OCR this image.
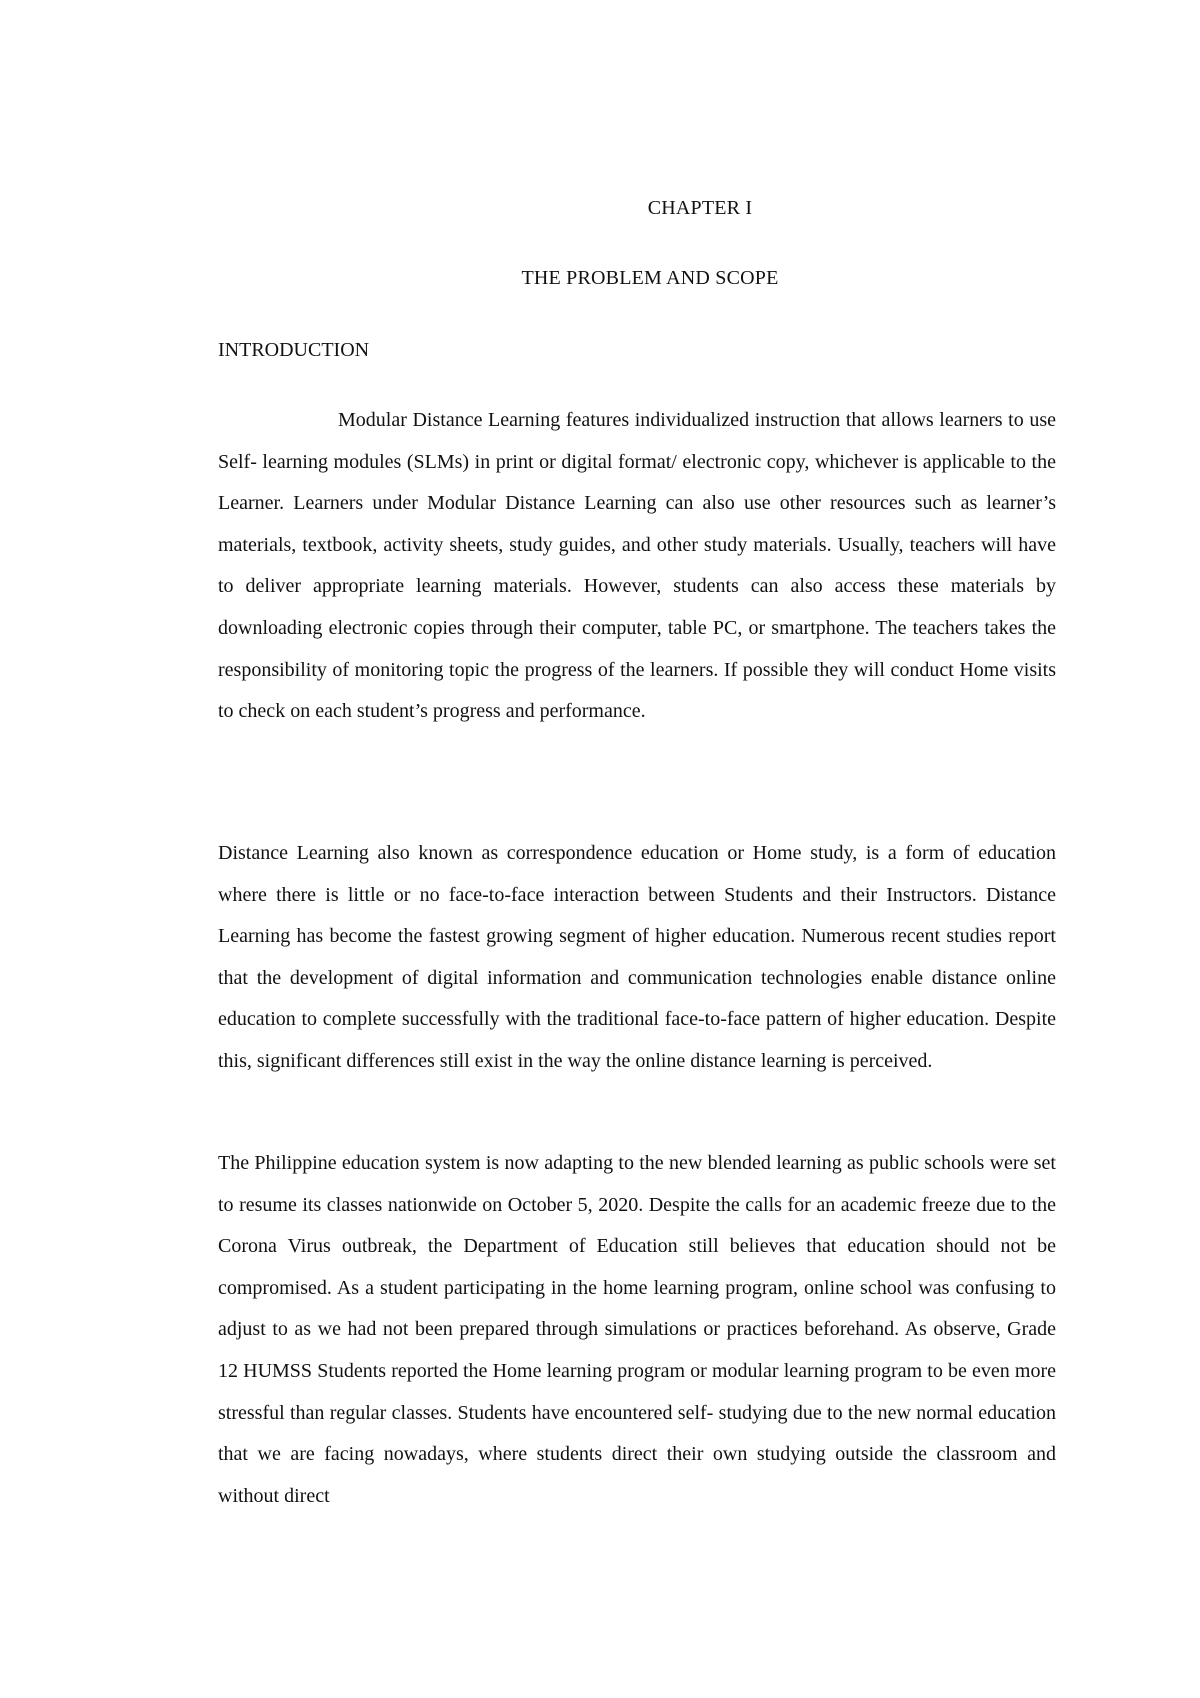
CHAPTER I
THE PROBLEM AND SCOPE
INTRODUCTION

Modular Distance Learning features individualized instruction that allows learners to use Self- learning modules (SLMs) in print or digital format/ electronic copy, whichever is applicable to the Learner. Learners under Modular Distance Learning can also use other resources such as learner’s materials, textbook, activity sheets, study guides, and other study materials. Usually, teachers will have to deliver appropriate learning materials. However, students can also access these materials by downloading electronic copies through their computer, table PC, or smartphone. The teachers takes the responsibility of monitoring topic the progress of the learners. If possible they will conduct Home visits to check on each student’s progress and performance.

Distance Learning also known as correspondence education or Home study, is a form of education where there is little or no face-to-face interaction between Students and their Instructors. Distance Learning has become the fastest growing segment of higher education. Numerous recent studies report that the development of digital information and communication technologies enable distance online education to complete successfully with the traditional face-to-face pattern of higher education. Despite this, significant differences still exist in the way the online distance learning is perceived.

The Philippine education system is now adapting to the new blended learning as public schools were set to resume its classes nationwide on October 5, 2020. Despite the calls for an academic freeze due to the Corona Virus outbreak, the Department of Education still believes that education should not be compromised. As a student participating in the home learning program, online school was confusing to adjust to as we had not been prepared through simulations or practices beforehand. As observe, Grade 12 HUMSS Students reported the Home learning program or modular learning program to be even more stressful than regular classes. Students have encountered self- studying due to the new normal education that we are facing nowadays, where students direct their own studying outside the classroom and without direct
